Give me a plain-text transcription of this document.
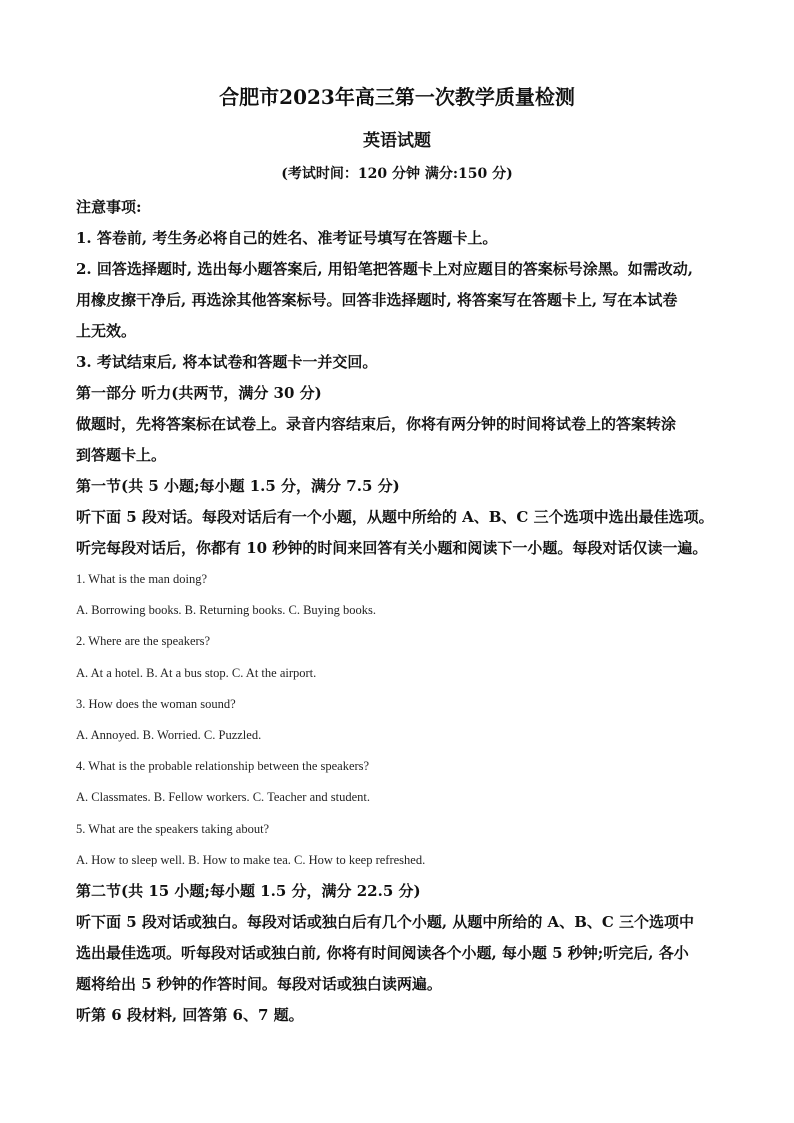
合肥市2023年高三第一次教学质量检测
英语试题
(考试时间：120 分钟 满分:150 分)
注意事项:
1. 答卷前, 考生务必将自己的姓名、准考证号填写在答题卡上。
2. 回答选择题时, 选出每小题答案后, 用铅笔把答题卡上对应题目的答案标号涂黑。如需改动,
用橡皮擦干净后, 再选涂其他答案标号。回答非选择题时, 将答案写在答题卡上, 写在本试卷
上无效。
3. 考试结束后, 将本试卷和答题卡一并交回。
第一部分 听力(共两节，满分 30 分)
做题时，先将答案标在试卷上。录音内容结束后，你将有两分钟的时间将试卷上的答案转涂
到答题卡上。
第一节(共 5 小题;每小题 1.5 分，满分 7.5 分)
听下面 5 段对话。每段对话后有一个小题，从题中所给的 A、B、C 三个选项中选出最佳选项。
听完每段对话后，你都有 10 秒钟的时间来回答有关小题和阅读下一小题。每段对话仅读一遍。
1. What is the man doing?
A. Borrowing books. B. Returning books. C. Buying books.
2. Where are the speakers?
A. At a hotel. B. At a bus stop. C. At the airport.
3. How does the woman sound?
A. Annoyed. B. Worried. C. Puzzled.
4. What is the probable relationship between the speakers?
A. Classmates. B. Fellow workers. C. Teacher and student.
5. What are the speakers taking about?
A. How to sleep well. B. How to make tea. C. How to keep refreshed.
第二节(共 15 小题;每小题 1.5 分，满分 22.5 分)
听下面 5 段对话或独白。每段对话或独白后有几个小题, 从题中所给的 A、B、C 三个选项中
选出最佳选项。听每段对话或独白前, 你将有时间阅读各个小题, 每小题 5 秒钟;听完后, 各小
题将给出 5 秒钟的作答时间。每段对话或独白读两遍。
听第 6 段材料, 回答第 6、7 题。
